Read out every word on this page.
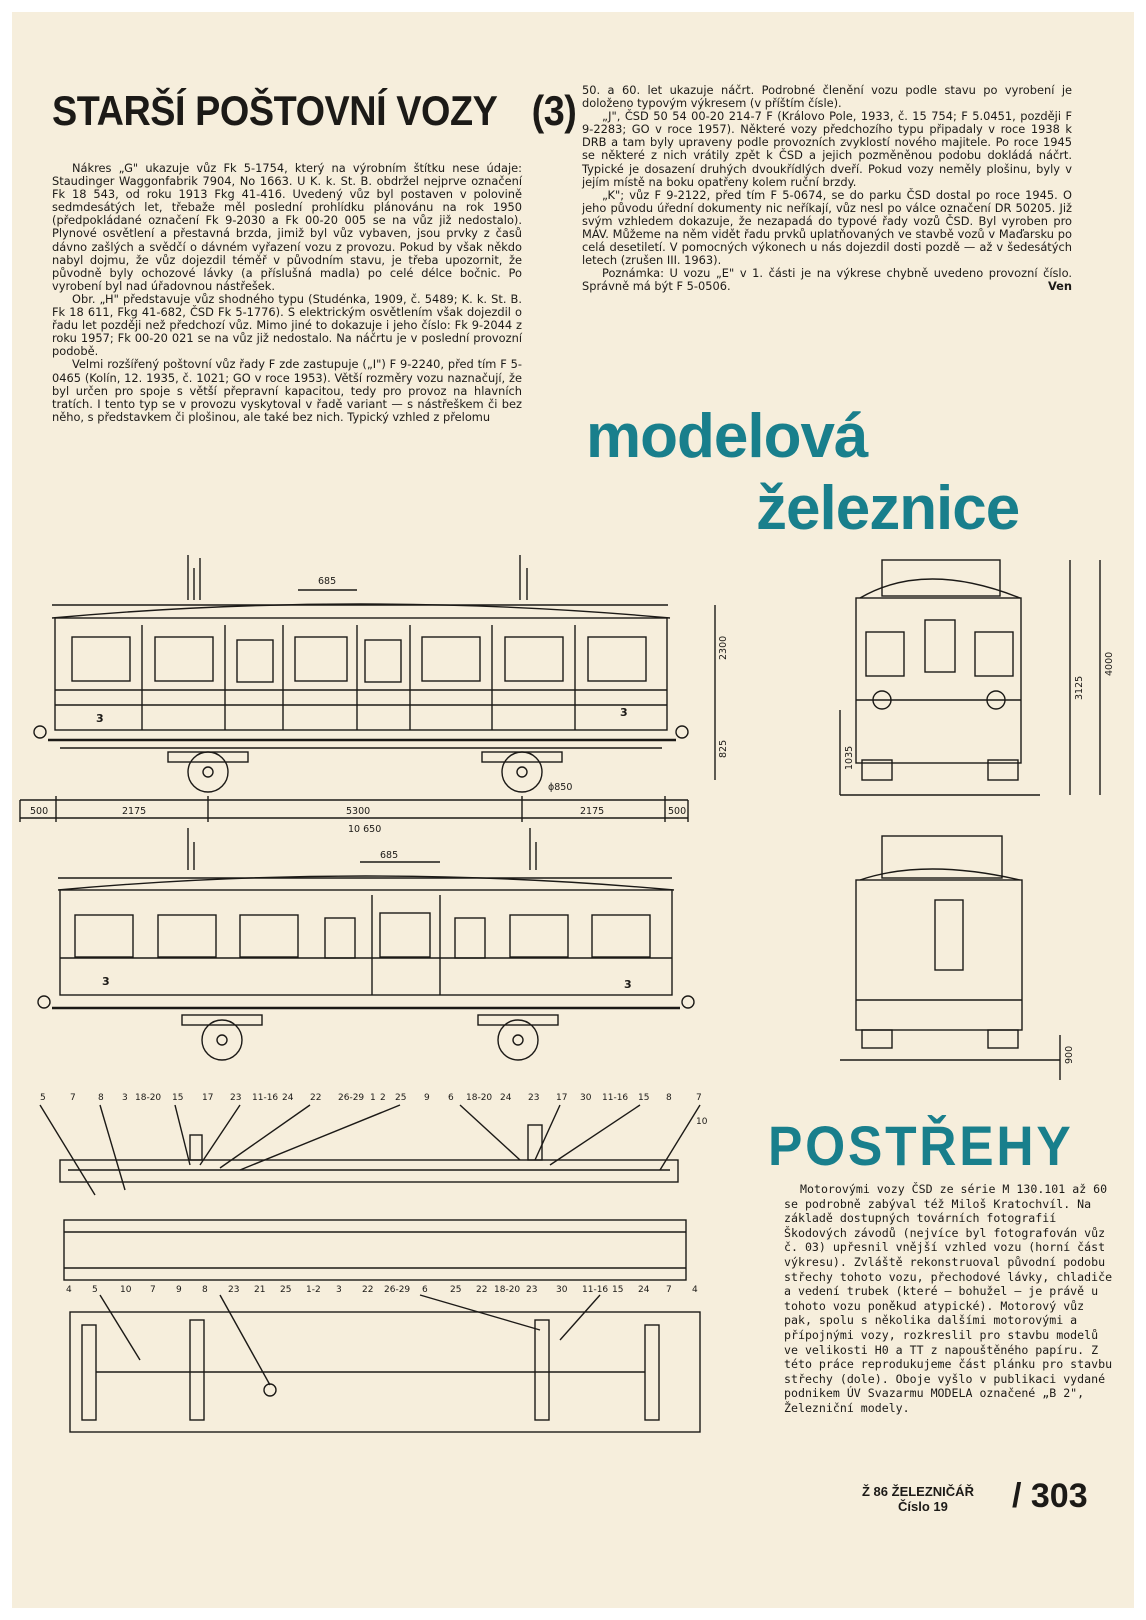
STARŠÍ POŠTOVNÍ VOZY (3)

Nákres „G" ukazuje vůz Fk 5-1754, který na výrobním štítku nese údaje: Staudinger Waggonfabrik 7904, No 1663. U K. k. St. B. obdržel nejprve označení Fk 18 543, od roku 1913 Fkg 41-416. Uvedený vůz byl postaven v polovině sedmdesátých let, třebaže měl poslední prohlídku plánovánu na rok 1950 (předpokládané označení Fk 9-2030 a Fk 00-20 005 se na vůz již nedostalo). Plynové osvětlení a přestavná brzda, jimiž byl vůz vybaven, jsou prvky z časů dávno zašlých a svědčí o dávném vyřazení vozu z provozu. Pokud by však někdo nabyl dojmu, že vůz dojezdil téměř v původním stavu, je třeba upozornit, že původně byly ochozové lávky (a příslušná madla) po celé délce bočnic. Po vyrobení byl nad úřadovnou nástřešek.

Obr. „H" představuje vůz shodného typu (Studénka, 1909, č. 5489; K. k. St. B. Fk 18 611, Fkg 41-682, ČSD Fk 5-1776). S elektrickým osvětlením však dojezdil o řadu let později než předchozí vůz. Mimo jiné to dokazuje i jeho číslo: Fk 9-2044 z roku 1957; Fk 00-20 021 se na vůz již nedostalo. Na náčrtu je v poslední provozní podobě.

Velmi rozšířený poštovní vůz řady F zde zastupuje („I") F 9-2240, před tím F 5-0465 (Kolín, 12. 1935, č. 1021; GO v roce 1953). Větší rozměry vozu naznačují, že byl určen pro spoje s větší přepravní kapacitou, tedy pro provoz na hlavních tratích. I tento typ se v provozu vyskytoval v řadě variant — s nástřeškem či bez něho, s představkem či plošinou, ale také bez nich. Typický vzhled z přelomu

50. a 60. let ukazuje náčrt. Podrobné členění vozu podle stavu po vyrobení je doloženo typovým výkresem (v příštím čísle).

„J", ČSD 50 54 00-20 214-7 F (Královo Pole, 1933, č. 15 754; F 5.0451, později F 9-2283; GO v roce 1957). Některé vozy předchozího typu připadaly v roce 1938 k DRB a tam byly upraveny podle provozních zvyklostí nového majitele. Po roce 1945 se některé z nich vrátily zpět k ČSD a jejich pozměněnou podobu dokládá náčrt. Typické je dosazení druhých dvoukřídlých dveří. Pokud vozy neměly plošinu, byly v jejím místě na boku opatřeny kolem ruční brzdy.

„K"; vůz F 9-2122, před tím F 5-0674, se do parku ČSD dostal po roce 1945. O jeho původu úřední dokumenty nic neříkají, vůz nesl po válce označení DR 50205. Již svým vzhledem dokazuje, že nezapadá do typové řady vozů ČSD. Byl vyroben pro MÁV. Můžeme na něm vidět řadu prvků uplatňovaných ve stavbě vozů v Maďarsku po celá desetiletí. V pomocných výkonech u nás dojezdil dosti pozdě — až v šedesátých letech (zrušen III. 1963).

Poznámka: U vozu „E" v 1. části je na výkrese chybně uvedeno provozní číslo. Správně má být F 5-0506.	Ven

modelová
železnice
685
2300
825
ϕ850
500	2175	5300	2175	500
10 650
685
1035
3125
4000
900
3	3
3	3
5	7 8 3 18-20 15 17 23 11-16 24 22 26-29 1 2 25 9 6 18-20 24 23 17 30 11-16 15 8	7
10
4 5 10 7 9 8 23 21 25 1-2 3 22 26-29 6 25 22 18-20 23 30 11-16 15 24 7 4
POSTŘEHY

Motorovými vozy ČSD ze série M 130.101 až 60 se podrobně zabýval též Miloš Kratochvíl. Na základě dostupných továrních fotografií Škodových závodů (nejvíce byl fotografován vůz č. 03) upřesnil vnější vzhled vozu (horní část výkresu). Zvláště rekonstruoval původní podobu střechy tohoto vozu, přechodové lávky, chladiče a vedení trubek (které — bohužel — je právě u tohoto vozu poněkud atypické). Motorový vůz pak, spolu s několika dalšími motorovými a přípojnými vozy, rozkreslil pro stavbu modelů ve velikosti H0 a TT z napouštěného papíru. Z této práce reprodukujeme část plánku pro stavbu střechy (dole). Oboje vyšlo v publikaci vydané podnikem ÚV Svazarmu MODELA označené „B 2", Železniční modely.

Ž 86 ŽELEZNIČÁŘ
Číslo 19	/ 303
